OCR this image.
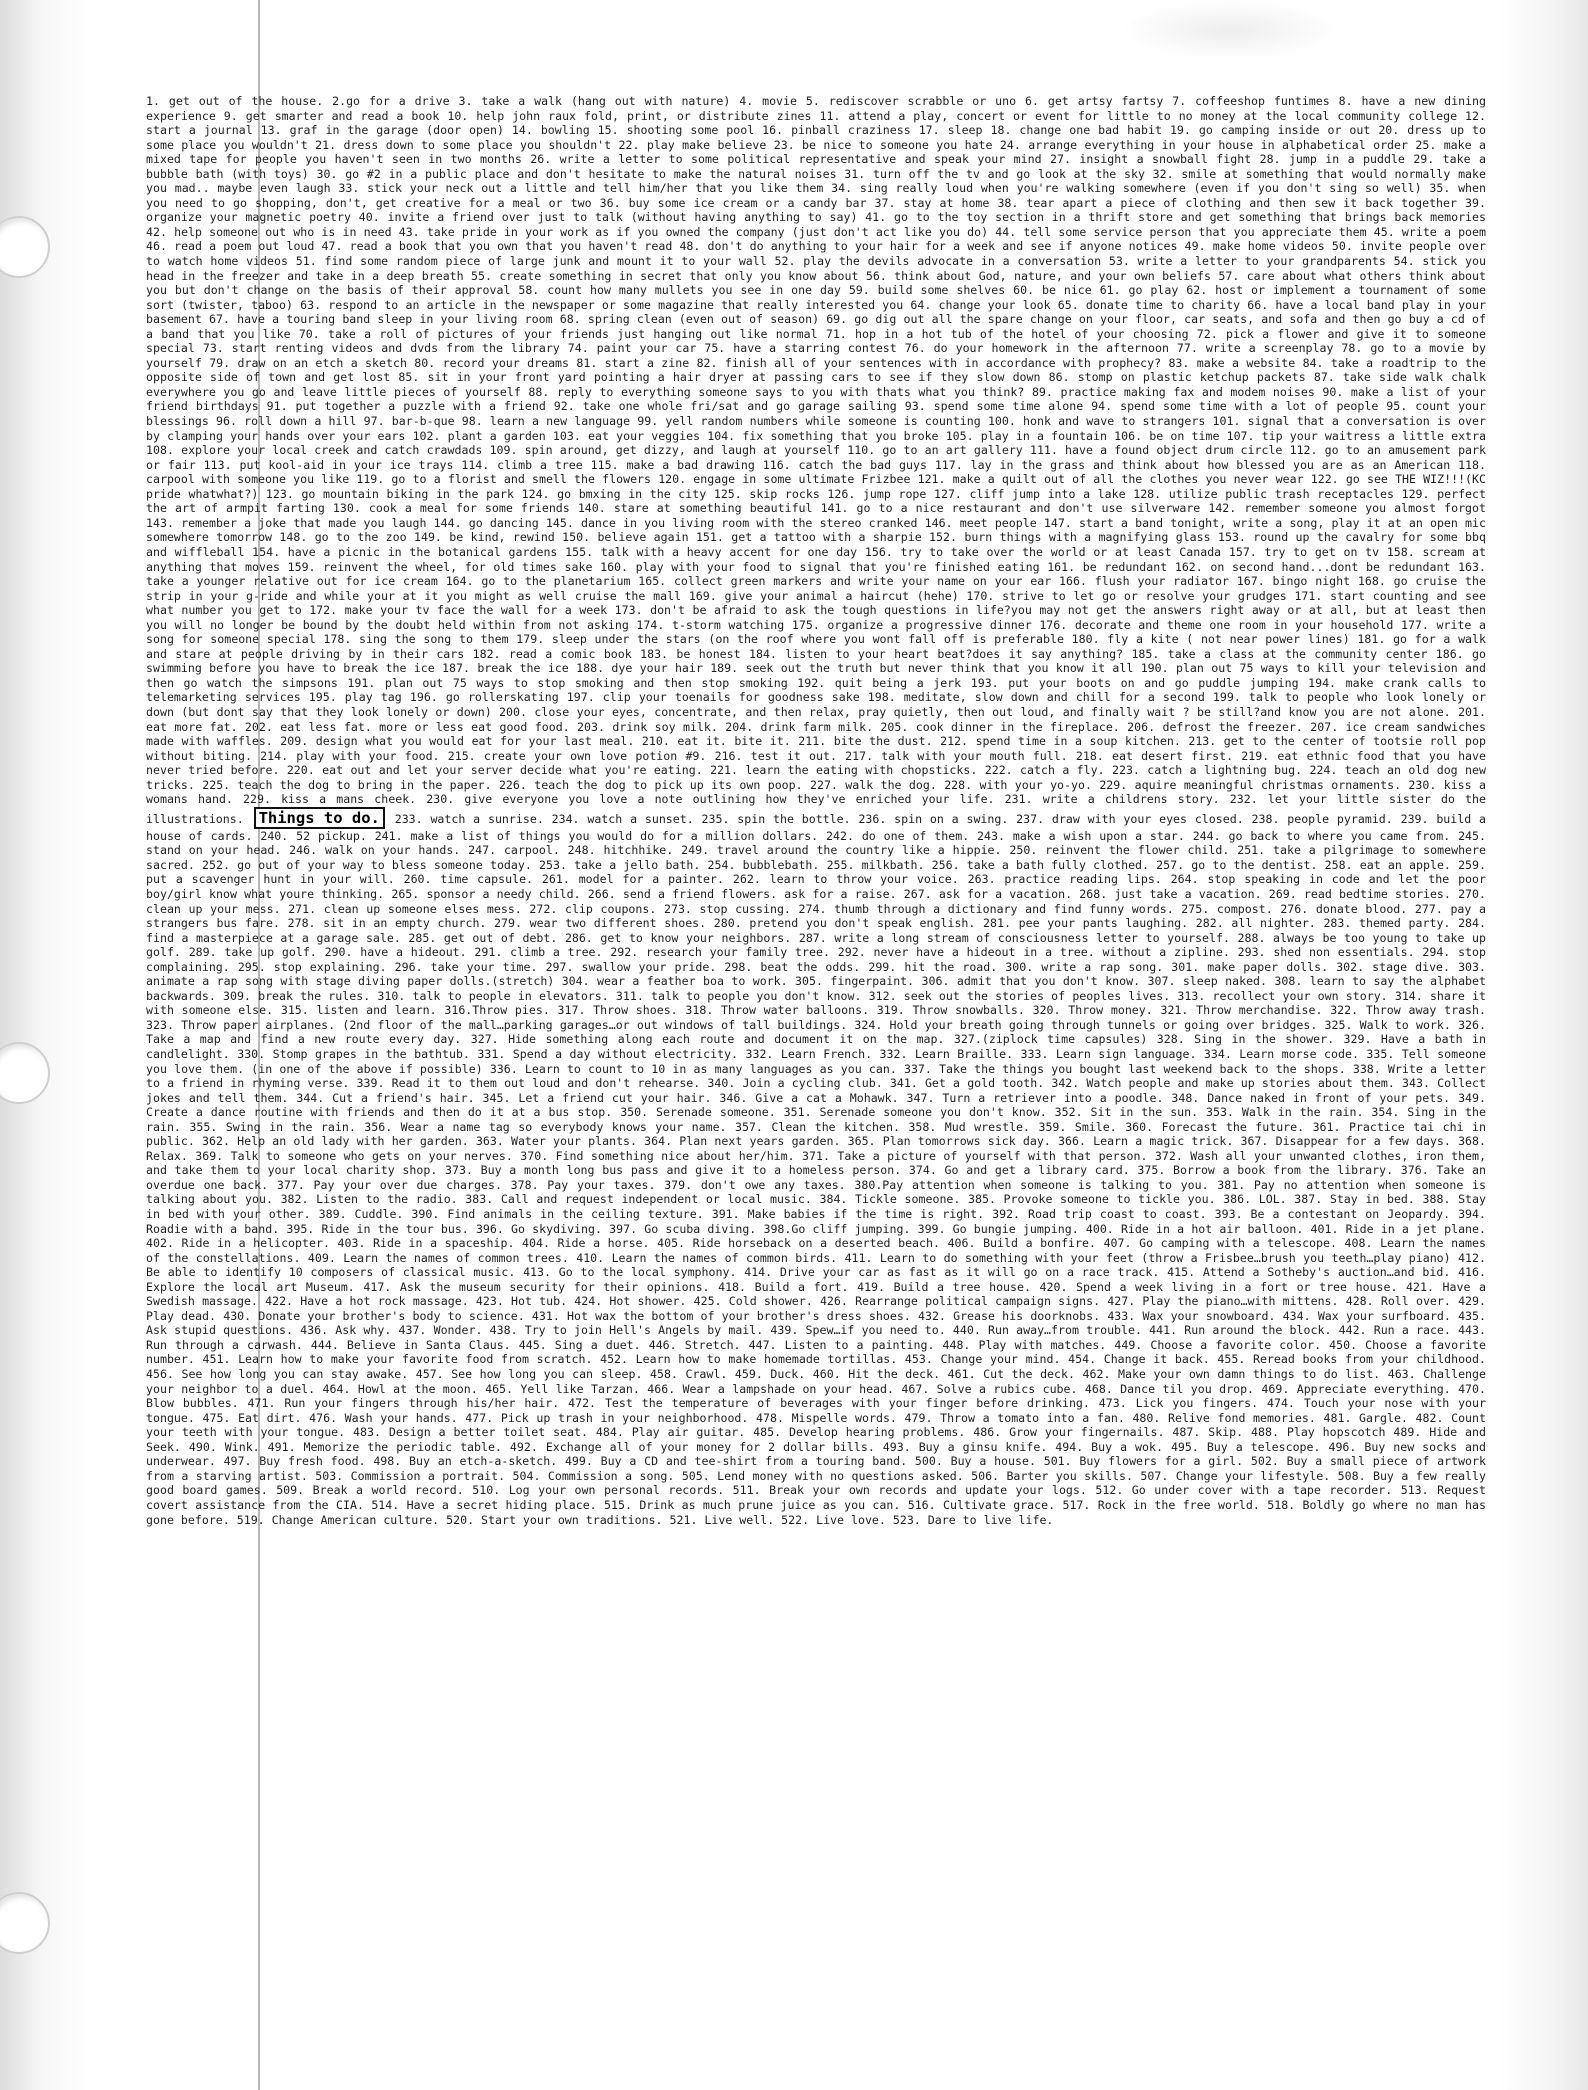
1. get out of the house. 2.go for a drive 3. take a walk (hang out with nature) 4. movie 5. rediscover scrabble or uno 6. get artsy fartsy 7. coffeeshop funtimes 8. have a new dining experience 9. get smarter and read a book 10. help john raux fold, print, or distribute zines 11. attend a play, concert or event for little to no money at the local community college 12. start a journal 13. graf in the garage (door open) 14. bowling 15. shooting some pool 16. pinball craziness 17. sleep 18. change one bad habit 19. go camping inside or out 20. dress up to some place you wouldn't 21. dress down to some place you shouldn't 22. play make believe 23. be nice to someone you hate 24. arrange everything in your house in alphabetical order 25. make a mixed tape for people you haven't seen in two months 26. write a letter to some political representative and speak your mind 27. insight a snowball fight 28. jump in a puddle 29. take a bubble bath (with toys) 30. go #2 in a public place and don't hesitate to make the natural noises 31. turn off the tv and go look at the sky 32. smile at something that would normally make you mad.. maybe even laugh 33. stick your neck out a little and tell him/her that you like them 34. sing really loud when you're walking somewhere (even if you don't sing so well) 35. when you need to go shopping, don't, get creative for a meal or two 36. buy some ice cream or a candy bar 37. stay at home 38. tear apart a piece of clothing and then sew it back together 39. organize your magnetic poetry 40. invite a friend over just to talk (without having anything to say) 41. go to the toy section in a thrift store and get something that brings back memories 42. help someone out who is in need 43. take pride in your work as if you owned the company (just don't act like you do) 44. tell some service person that you appreciate them 45. write a poem 46. read a poem out loud 47. read a book that you own that you haven't read 48. don't do anything to your hair for a week and see if anyone notices 49. make home videos 50. invite people over to watch home videos 51. find some random piece of large junk and mount it to your wall 52. play the devils advocate in a conversation 53. write a letter to your grandparents 54. stick you head in the freezer and take in a deep breath 55. create something in secret that only you know about 56. think about God, nature, and your own beliefs 57. care about what others think about you but don't change on the basis of their approval 58. count how many mullets you see in one day 59. build some shelves 60. be nice 61. go play 62. host or implement a tournament of some sort (twister, taboo) 63. respond to an article in the newspaper or some magazine that really interested you 64. change your look 65. donate time to charity 66. have a local band play in your basement 67. have a touring band sleep in your living room 68. spring clean (even out of season) 69. go dig out all the spare change on your floor, car seats, and sofa and then go buy a cd of a band that you like 70. take a roll of pictures of your friends just hanging out like normal 71. hop in a hot tub of the hotel of your choosing 72. pick a flower and give it to someone special 73. start renting videos and dvds from the library 74. paint your car 75. have a starring contest 76. do your homework in the afternoon 77. write a screenplay 78. go to a movie by yourself 79. draw on an etch a sketch 80. record your dreams 81. start a zine 82. finish all of your sentences with in accordance with prophecy? 83. make a website 84. take a roadtrip to the opposite side of town and get lost 85. sit in your front yard pointing a hair dryer at passing cars to see if they slow down 86. stomp on plastic ketchup packets 87. take side walk chalk everywhere you go and leave little pieces of yourself 88. reply to everything someone says to you with thats what you think? 89. practice making fax and modem noises 90. make a list of your friend birthdays 91. put together a puzzle with a friend 92. take one whole fri/sat and go garage sailing 93. spend some time alone 94. spend some time with a lot of people 95. count your blessings 96. roll down a hill 97. bar-b-que 98. learn a new language 99. yell random numbers while someone is counting 100. honk and wave to strangers 101. signal that a conversation is over by clamping your hands over your ears 102. plant a garden 103. eat your veggies 104. fix something that you broke 105. play in a fountain 106. be on time 107. tip your waitress a little extra 108. explore your local creek and catch crawdads 109. spin around, get dizzy, and laugh at yourself 110. go to an art gallery 111. have a found object drum circle 112. go to an amusement park or fair 113. put kool-aid in your ice trays 114. climb a tree 115. make a bad drawing 116. catch the bad guys 117. lay in the grass and think about how blessed you are as an American 118. carpool with someone you like 119. go to a florist and smell the flowers 120. engage in some ultimate Frizbee 121. make a quilt out of all the clothes you never wear 122. go see THE WIZ!!!(KC pride whatwhat?) 123. go mountain biking in the park 124. go bmxing in the city 125. skip rocks 126. jump rope 127. cliff jump into a lake 128. utilize public trash receptacles 129. perfect the art of armpit farting 130. cook a meal for some friends 140. stare at something beautiful 141. go to a nice restaurant and don't use silverware 142. remember someone you almost forgot 143. remember a joke that made you laugh 144. go dancing 145. dance in you living room with the stereo cranked 146. meet people 147. start a band tonight, write a song, play it at an open mic somewhere tomorrow 148. go to the zoo 149. be kind, rewind 150. believe again 151. get a tattoo with a sharpie 152. burn things with a magnifying glass 153. round up the cavalry for some bbq and wiffleball 154. have a picnic in the botanical gardens 155. talk with a heavy accent for one day 156. try to take over the world or at least Canada 157. try to get on tv 158. scream at anything that moves 159. reinvent the wheel, for old times sake 160. play with your food to signal that you're finished eating 161. be redundant 162. on second hand...dont be redundant 163. take a younger relative out for ice cream 164. go to the planetarium 165. collect green markers and write your name on your ear 166. flush your radiator 167. bingo night 168. go cruise the strip in your g-ride and while your at it you might as well cruise the mall 169. give your animal a haircut (hehe) 170. strive to let go or resolve your grudges 171. start counting and see what number you get to 172. make your tv face the wall for a week 173. don't be afraid to ask the tough questions in life?you may not get the answers right away or at all, but at least then you will no longer be bound by the doubt held within from not asking 174. t-storm watching 175. organize a progressive dinner 176. decorate and theme one room in your household 177. write a song for someone special 178. sing the song to them 179. sleep under the stars (on the roof where you wont fall off is preferable 180. fly a kite ( not near power lines) 181. go for a walk and stare at people driving by in their cars 182. read a comic book 183. be honest 184. listen to your heart beat?does it say anything? 185. take a class at the community center 186. go swimming before you have to break the ice 187. break the ice 188. dye your hair 189. seek out the truth but never think that you know it all 190. plan out 75 ways to kill your television and then go watch the simpsons 191. plan out 75 ways to stop smoking and then stop smoking 192. quit being a jerk 193. put your boots on and go puddle jumping 194. make crank calls to telemarketing services 195. play tag 196. go rollerskating 197. clip your toenails for goodness sake 198. meditate, slow down and chill for a second 199. talk to people who look lonely or down (but dont say that they look lonely or down) 200. close your eyes, concentrate, and then relax, pray quietly, then out loud, and finally wait ? be still?and know you are not alone. 201. eat more fat. 202. eat less fat. more or less eat good food. 203. drink soy milk. 204. drink farm milk. 205. cook dinner in the fireplace. 206. defrost the freezer. 207. ice cream sandwiches made with waffles. 209. design what you would eat for your last meal. 210. eat it. bite it. 211. bite the dust. 212. spend time in a soup kitchen. 213. get to the center of tootsie roll pop without biting. 214. play with your food. 215. create your own love potion #9. 216. test it out. 217. talk with your mouth full. 218. eat desert first. 219. eat ethnic food that you have never tried before. 220. eat out and let your server decide what you're eating. 221. learn the eating with chopsticks. 222. catch a fly. 223. catch a lightning bug. 224. teach an old dog new tricks. 225. teach the dog to bring in the paper. 226. teach the dog to pick up its own poop. 227. walk the dog. 228. with your yo-yo. 229. aquire meaningful christmas ornaments. 230. kiss a womans hand. 229. kiss a mans cheek. 230. give everyone you love a note outlining how they've enriched your life. 231. write a childrens story. 232. let your little sister do the illustrations. Things to do. 233. watch a sunrise. 234. watch a sunset. 235. spin the bottle. 236. spin on a swing. 237. draw with your eyes closed. 238. people pyramid. 239. build a house of cards. 240. 52 pickup. 241. make a list of things you would do for a million dollars. 242. do one of them. 243. make a wish upon a star. 244. go back to where you came from. 245. stand on your head. 246. walk on your hands. 247. carpool. 248. hitchhike. 249. travel around the country like a hippie. 250. reinvent the flower child. 251. take a pilgrimage to somewhere sacred. 252. go out of your way to bless someone today. 253. take a jello bath. 254. bubblebath. 255. milkbath. 256. take a bath fully clothed. 257. go to the dentist. 258. eat an apple. 259. put a scavenger hunt in your will. 260. time capsule. 261. model for a painter. 262. learn to throw your voice. 263. practice reading lips. 264. stop speaking in code and let the poor boy/girl know what youre thinking. 265. sponsor a needy child. 266. send a friend flowers. ask for a raise. 267. ask for a vacation. 268. just take a vacation. 269. read bedtime stories. 270. clean up your mess. 271. clean up someone elses mess. 272. clip coupons. 273. stop cussing. 274. thumb through a dictionary and find funny words. 275. compost. 276. donate blood. 277. pay a strangers bus fare. 278. sit in an empty church. 279. wear two different shoes. 280. pretend you don't speak english. 281. pee your pants laughing. 282. all nighter. 283. themed party. 284. find a masterpiece at a garage sale. 285. get out of debt. 286. get to know your neighbors. 287. write a long stream of consciousness letter to yourself. 288. always be too young to take up golf. 289. take up golf. 290. have a hideout. 291. climb a tree. 292. research your family tree. 292. never have a hideout in a tree. without a zipline. 293. shed non essentials. 294. stop complaining. 295. stop explaining. 296. take your time. 297. swallow your pride. 298. beat the odds. 299. hit the road. 300. write a rap song. 301. make paper dolls. 302. stage dive. 303. animate a rap song with stage diving paper dolls.(stretch) 304. wear a feather boa to work. 305. fingerpaint. 306. admit that you don't know. 307. sleep naked. 308. learn to say the alphabet backwards. 309. break the rules. 310. talk to people in elevators. 311. talk to people you don't know. 312. seek out the stories of peoples lives. 313. recollect your own story. 314. share it with someone else. 315. listen and learn. 316.Throw pies. 317. Throw shoes. 318. Throw water balloons. 319. Throw snowballs. 320. Throw money. 321. Throw merchandise. 322. Throw away trash. 323. Throw paper airplanes. (2nd floor of the mall…parking garages…or out windows of tall buildings. 324. Hold your breath going through tunnels or going over bridges. 325. Walk to work. 326. Take a map and find a new route every day. 327. Hide something along each route and document it on the map. 327.(ziplock time capsules) 328. Sing in the shower. 329. Have a bath in candlelight. 330. Stomp grapes in the bathtub. 331. Spend a day without electricity. 332. Learn French. 332. Learn Braille. 333. Learn sign language. 334. Learn morse code. 335. Tell someone you love them. (in one of the above if possible) 336. Learn to count to 10 in as many languages as you can. 337. Take the things you bought last weekend back to the shops. 338. Write a letter to a friend in rhyming verse. 339. Read it to them out loud and don't rehearse. 340. Join a cycling club. 341. Get a gold tooth. 342. Watch people and make up stories about them. 343. Collect jokes and tell them. 344. Cut a friend's hair. 345. Let a friend cut your hair. 346. Give a cat a Mohawk. 347. Turn a retriever into a poodle. 348. Dance naked in front of your pets. 349. Create a dance routine with friends and then do it at a bus stop. 350. Serenade someone. 351. Serenade someone you don't know. 352. Sit in the sun. 353. Walk in the rain. 354. Sing in the rain. 355. Swing in the rain. 356. Wear a name tag so everybody knows your name. 357. Clean the kitchen. 358. Mud wrestle. 359. Smile. 360. Forecast the future. 361. Practice tai chi in public. 362. Help an old lady with her garden. 363. Water your plants. 364. Plan next years garden. 365. Plan tomorrows sick day. 366. Learn a magic trick. 367. Disappear for a few days. 368. Relax. 369. Talk to someone who gets on your nerves. 370. Find something nice about her/him. 371. Take a picture of yourself with that person. 372. Wash all your unwanted clothes, iron them, and take them to your local charity shop. 373. Buy a month long bus pass and give it to a homeless person. 374. Go and get a library card. 375. Borrow a book from the library. 376. Take an overdue one back. 377. Pay your over due charges. 378. Pay your taxes. 379. don't owe any taxes. 380.Pay attention when someone is talking to you. 381. Pay no attention when someone is talking about you. 382. Listen to the radio. 383. Call and request independent or local music. 384. Tickle someone. 385. Provoke someone to tickle you. 386. LOL. 387. Stay in bed. 388. Stay in bed with your other. 389. Cuddle. 390. Find animals in the ceiling texture. 391. Make babies if the time is right. 392. Road trip coast to coast. 393. Be a contestant on Jeopardy. 394. Roadie with a band. 395. Ride in the tour bus. 396. Go skydiving. 397. Go scuba diving. 398.Go cliff jumping. 399. Go bungie jumping. 400. Ride in a hot air balloon. 401. Ride in a jet plane. 402. Ride in a helicopter. 403. Ride in a spaceship. 404. Ride a horse. 405. Ride horseback on a deserted beach. 406. Build a bonfire. 407. Go camping with a telescope. 408. Learn the names of the constellations. 409. Learn the names of common trees. 410. Learn the names of common birds. 411. Learn to do something with your feet (throw a Frisbee…brush you teeth…play piano) 412. Be able to identify 10 composers of classical music. 413. Go to the local symphony. 414. Drive your car as fast as it will go on a race track. 415. Attend a Sotheby's auction…and bid. 416. Explore the local art Museum. 417. Ask the museum security for their opinions. 418. Build a fort. 419. Build a tree house. 420. Spend a week living in a fort or tree house. 421. Have a Swedish massage. 422. Have a hot rock massage. 423. Hot tub. 424. Hot shower. 425. Cold shower. 426. Rearrange political campaign signs. 427. Play the piano…with mittens. 428. Roll over. 429. Play dead. 430. Donate your brother's body to science. 431. Hot wax the bottom of your brother's dress shoes. 432. Grease his doorknobs. 433. Wax your snowboard. 434. Wax your surfboard. 435. Ask stupid questions. 436. Ask why. 437. Wonder. 438. Try to join Hell's Angels by mail. 439. Spew…if you need to. 440. Run away…from trouble. 441. Run around the block. 442. Run a race. 443. Run through a carwash. 444. Believe in Santa Claus. 445. Sing a duet. 446. Stretch. 447. Listen to a painting. 448. Play with matches. 449. Choose a favorite color. 450. Choose a favorite number. 451. Learn how to make your favorite food from scratch. 452. Learn how to make homemade tortillas. 453. Change your mind. 454. Change it back. 455. Reread books from your childhood. 456. See how long you can stay awake. 457. See how long you can sleep. 458. Crawl. 459. Duck. 460. Hit the deck. 461. Cut the deck. 462. Make your own damn things to do list. 463. Challenge your neighbor to a duel. 464. Howl at the moon. 465. Yell like Tarzan. 466. Wear a lampshade on your head. 467. Solve a rubics cube. 468. Dance til you drop. 469. Appreciate everything. 470. Blow bubbles. 471. Run your fingers through his/her hair. 472. Test the temperature of beverages with your finger before drinking. 473. Lick you fingers. 474. Touch your nose with your tongue. 475. Eat dirt. 476. Wash your hands. 477. Pick up trash in your neighborhood. 478. Mispelle words. 479. Throw a tomato into a fan. 480. Relive fond memories. 481. Gargle. 482. Count your teeth with your tongue. 483. Design a better toilet seat. 484. Play air guitar. 485. Develop hearing problems. 486. Grow your fingernails. 487. Skip. 488. Play hopscotch 489. Hide and Seek. 490. Wink. 491. Memorize the periodic table. 492. Exchange all of your money for 2 dollar bills. 493. Buy a ginsu knife. 494. Buy a wok. 495. Buy a telescope. 496. Buy new socks and underwear. 497. Buy fresh food. 498. Buy an etch-a-sketch. 499. Buy a CD and tee-shirt from a touring band. 500. Buy a house. 501. Buy flowers for a girl. 502. Buy a small piece of artwork from a starving artist. 503. Commission a portrait. 504. Commission a song. 505. Lend money with no questions asked. 506. Barter you skills. 507. Change your lifestyle. 508. Buy a few really good board games. 509. Break a world record. 510. Log your own personal records. 511. Break your own records and update your logs. 512. Go under cover with a tape recorder. 513. Request covert assistance from the CIA. 514. Have a secret hiding place. 515. Drink as much prune juice as you can. 516. Cultivate grace. 517. Rock in the free world. 518. Boldly go where no man has gone before. 519. Change American culture. 520. Start your own traditions. 521. Live well. 522. Live love. 523. Dare to live life.
